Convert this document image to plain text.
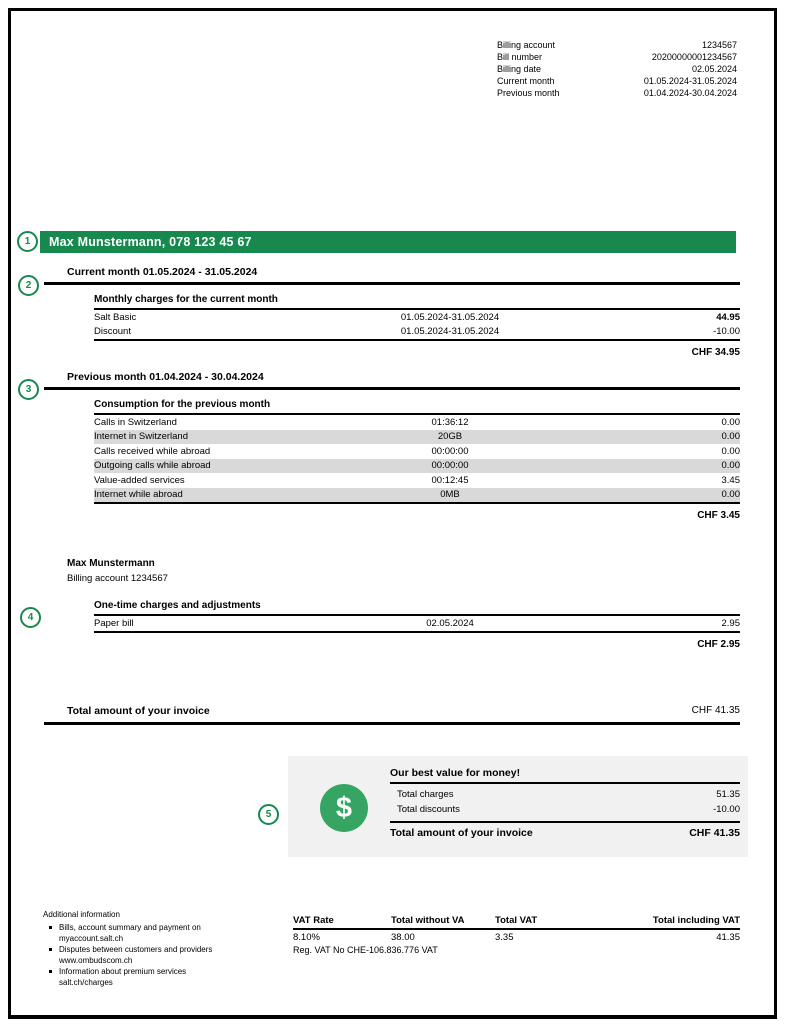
Billing account	1234567
Bill number	20200000001234567
Billing date	02.05.2024
Current month	01.05.2024-31.05.2024
Previous month	01.04.2024-30.04.2024
Max Munstermann, 078 123 45 67
1
2
3
4
5
Current month 01.05.2024 - 31.05.2024
Monthly charges for the current month
Salt Basic	01.05.2024-31.05.2024	44.95
Discount	01.05.2024-31.05.2024	-10.00
CHF 34.95
Previous month 01.04.2024 - 30.04.2024
Consumption for the previous month
Calls in Switzerland	01:36:12	0.00
Internet in Switzerland	20GB	0.00
Calls received while abroad	00:00:00	0.00
Outgoing calls while abroad	00:00:00	0.00
Value-added services	00:12:45	3.45
Internet while abroad	0MB	0.00
CHF 3.45
Max Munstermann
Billing account 1234567
One-time charges and adjustments
Paper bill	02.05.2024	2.95
CHF 2.95
Total amount of your invoice	CHF 41.35
$
Our best value for money!
Total charges	51.35
Total discounts	-10.00
Total amount of your invoice	CHF 41.35
Additional information
Bills, account summary and payment on
myaccount.salt.ch
Disputes between customers and providers
www.ombudscom.ch
Information about premium services
salt.ch/charges
VAT Rate	Total without VA	Total VAT	Total including VAT
8.10%	38.00	3.35	41.35
Reg. VAT No CHE-106.836.776 VAT
